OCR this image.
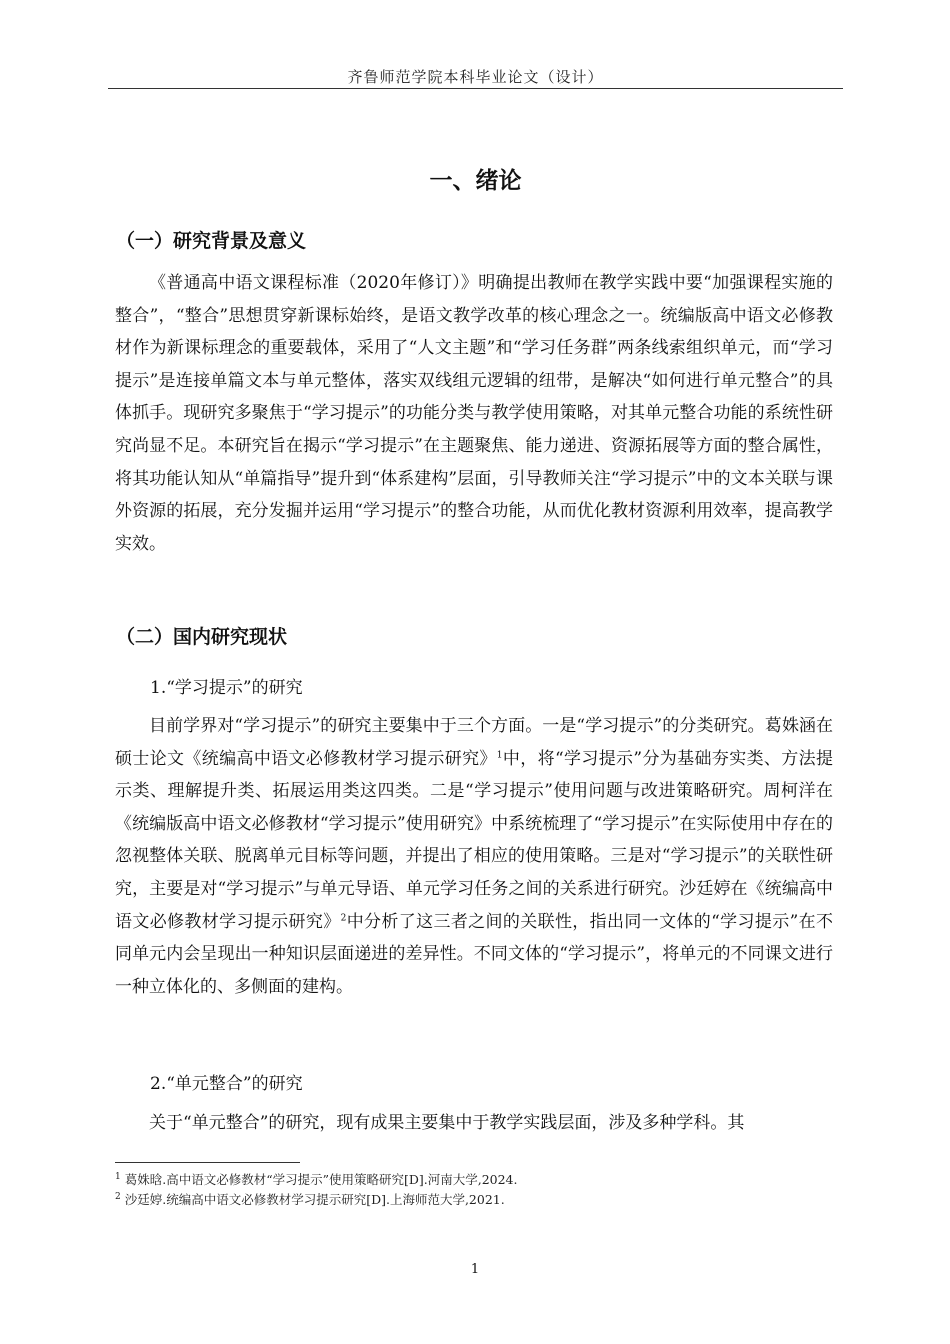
齐鲁师范学院本科毕业论文（设计）
一、绪论
（一）研究背景及意义

《普通高中语文课程标准（2020年修订）》明确提出教师在教学实践中要“加强课程实施的整合”，“整合”思想贯穿新课标始终，是语文教学改革的核心理念之一。统编版高中语文必修教材作为新课标理念的重要载体，采用了“人文主题”和“学习任务群”两条线索组织单元，而“学习提示”是连接单篇文本与单元整体，落实双线组元逻辑的纽带，是解决“如何进行单元整合”的具体抓手。现研究多聚焦于“学习提示”的功能分类与教学使用策略，对其单元整合功能的系统性研究尚显不足。本研究旨在揭示“学习提示”在主题聚焦、能力递进、资源拓展等方面的整合属性，将其功能认知从“单篇指导”提升到“体系建构”层面，引导教师关注“学习提示”中的文本关联与课外资源的拓展，充分发掘并运用“学习提示”的整合功能，从而优化教材资源利用效率，提高教学实效。

（二）国内研究现状
1.“学习提示”的研究

目前学界对“学习提示”的研究主要集中于三个方面。一是“学习提示”的分类研究。葛姝涵在硕士论文《统编高中语文必修教材学习提示研究》$^1$中，将“学习提示”分为基础夯实类、方法提示类、理解提升类、拓展运用类这四类。二是“学习提示”使用问题与改进策略研究。周柯洋在《统编版高中语文必修教材“学习提示”使用研究》中系统梳理了“学习提示”在实际使用中存在的忽视整体关联、脱离单元目标等问题，并提出了相应的使用策略。三是对“学习提示”的关联性研究，主要是对“学习提示”与单元导语、单元学习任务之间的关系进行研究。沙廷婷在《统编高中语文必修教材学习提示研究》$^2$中分析了这三者之间的关联性，指出同一文体的“学习提示”在不同单元内会呈现出一种知识层面递进的差异性。不同文体的“学习提示”，将单元的不同课文进行一种立体化的、多侧面的建构。

2.“单元整合”的研究

关于“单元整合”的研究，现有成果主要集中于教学实践层面，涉及多种学科。其

$^1$ 葛姝晗.高中语文必修教材“学习提示”使用策略研究[D].河南大学,2024.
$^2$ 沙廷婷.统编高中语文必修教材学习提示研究[D].上海师范大学,2021.
1
